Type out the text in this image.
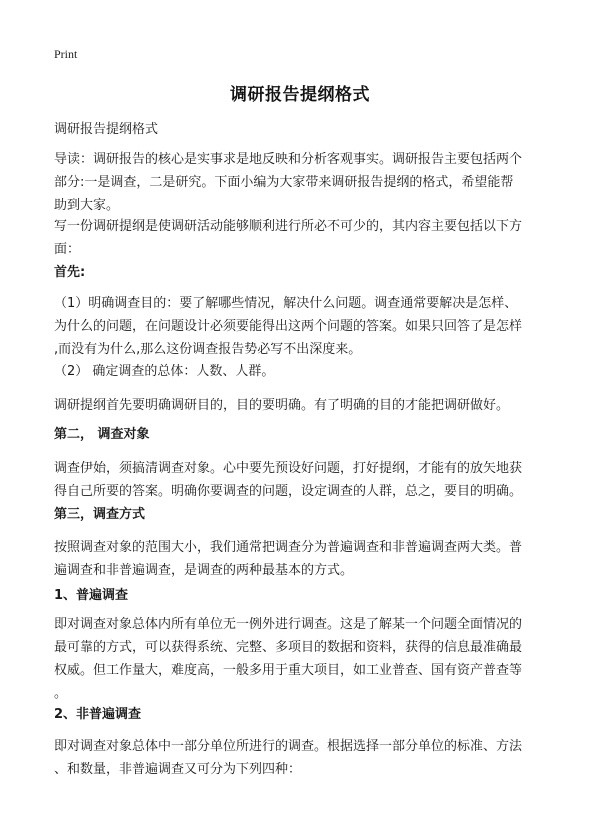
Print
调研报告提纲格式

调研报告提纲格式

导读：调研报告的核心是实事求是地反映和分析客观事实。调研报告主要包括两个

部分:一是调查，二是研究。下面小编为大家带来调研报告提纲的格式，希望能帮

助到大家。

写一份调研提纲是使调研活动能够顺利进行所必不可少的，其内容主要包括以下方

面：

首先:

（1）明确调查目的：要了解哪些情况，解决什么问题。调查通常要解决是怎样、

为什么的问题，在问题设计必须要能得出这两个问题的答案。如果只回答了是怎样

,而没有为什么,那么这份调查报告势必写不出深度来。

（2） 确定调查的总体：人数、人群。

调研提纲首先要明确调研目的，目的要明确。有了明确的目的才能把调研做好。

第二， 调查对象

调查伊始，须搞清调查对象。心中要先预设好问题，打好提纲，才能有的放矢地获

得自己所要的答案。明确你要调查的问题，设定调查的人群，总之，要目的明确。

第三，调查方式

按照调查对象的范围大小，我们通常把调查分为普遍调查和非普遍调查两大类。普

遍调查和非普遍调查，是调查的两种最基本的方式。

1、普遍调查

即对调查对象总体内所有单位无一例外进行调查。这是了解某一个问题全面情况的

最可靠的方式，可以获得系统、完整、多项目的数据和资料，获得的信息最准确最

权威。但工作量大，难度高，一般多用于重大项目，如工业普查、国有资产普查等

。

2、非普遍调查

即对调查对象总体中一部分单位所进行的调查。根据选择一部分单位的标准、方法

、和数量，非普遍调查又可分为下列四种：
